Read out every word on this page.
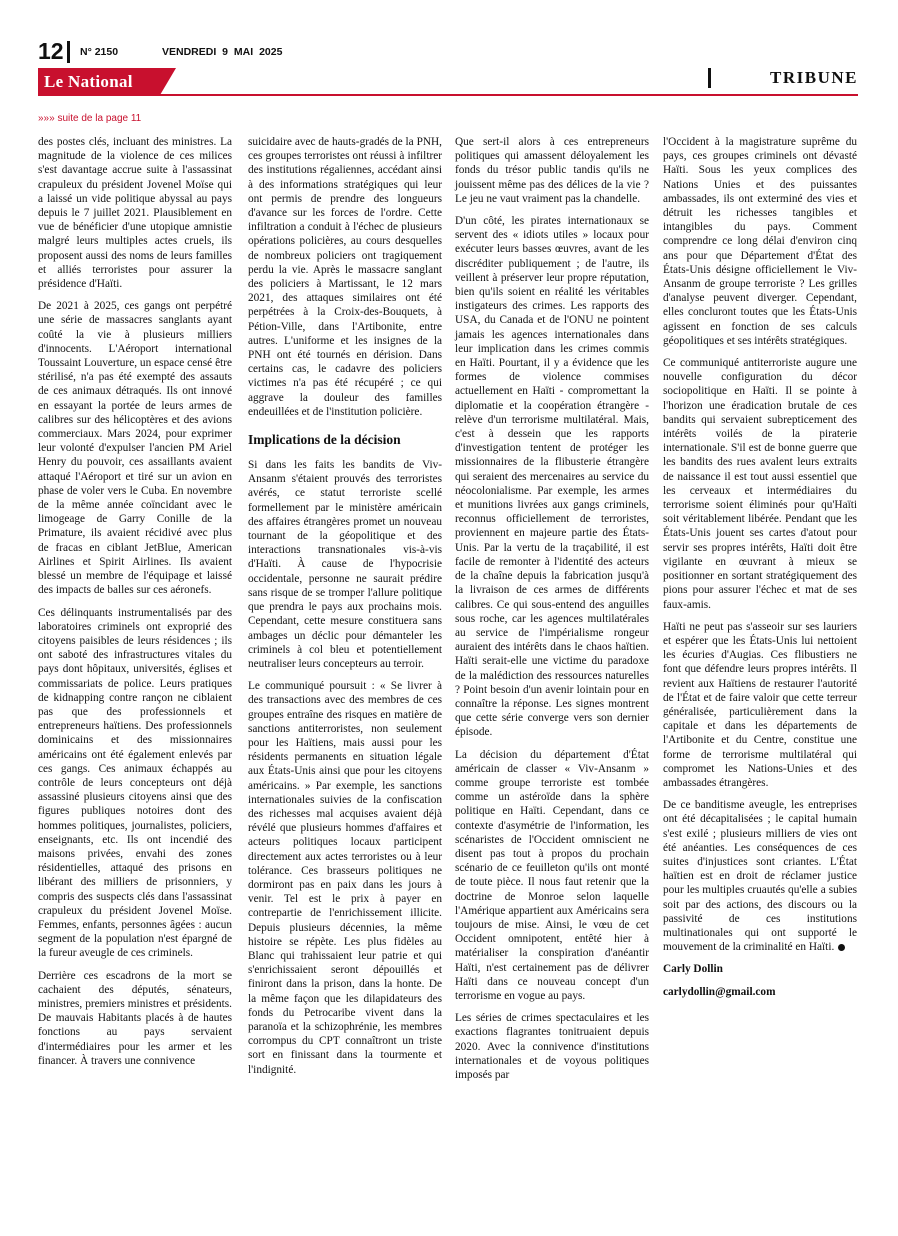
12 N° 2150	VENDREDI 9 MAI 2025
Le National	TRIBUNE
»»» suite de la page 11

des postes clés, incluant des ministres. La magnitude de la violence de ces milices s'est davantage accrue suite à l'assassinat crapuleux du président Jovenel Moïse qui a laissé un vide politique abyssal au pays depuis le 7 juillet 2021. Plausiblement en vue de bénéficier d'une utopique amnistie malgré leurs multiples actes cruels, ils proposent aussi des noms de leurs familles et alliés terroristes pour assurer la présidence d'Haïti.

De 2021 à 2025, ces gangs ont perpétré une série de massacres sanglants ayant coûté la vie à plusieurs milliers d'innocents. L'Aéroport international Toussaint Louverture, un espace censé être stérilisé, n'a pas été exempté des assauts de ces animaux détraqués. Ils ont innové en essayant la portée de leurs armes de calibres sur des hélicoptères et des avions commerciaux. Mars 2024, pour exprimer leur volonté d'expulser l'ancien PM Ariel Henry du pouvoir, ces assaillants avaient attaqué l'Aéroport et tiré sur un avion en phase de voler vers le Cuba. En novembre de la même année coïncidant avec le limogeage de Garry Conille de la Primature, ils avaient récidivé avec plus de fracas en ciblant JetBlue, American Airlines et Spirit Airlines. Ils avaient blessé un membre de l'équipage et laissé des impacts de balles sur ces aéronefs.

Ces délinquants instrumentalisés par des laboratoires criminels ont exproprié des citoyens paisibles de leurs résidences ; ils ont saboté des infrastructures vitales du pays dont hôpitaux, universités, églises et commissariats de police. Leurs pratiques de kidnapping contre rançon ne ciblaient pas que des professionnels et entrepreneurs haïtiens. Des professionnels dominicains et des missionnaires américains ont été également enlevés par ces gangs. Ces animaux échappés au contrôle de leurs concepteurs ont déjà assassiné plusieurs citoyens ainsi que des figures publiques notoires dont des hommes politiques, journalistes, policiers, enseignants, etc. Ils ont incendié des maisons privées, envahi des zones résidentielles, attaqué des prisons en libérant des milliers de prisonniers, y compris des suspects clés dans l'assassinat crapuleux du président Jovenel Moïse. Femmes, enfants, personnes âgées : aucun segment de la population n'est épargné de la fureur aveugle de ces criminels.

Derrière ces escadrons de la mort se cachaient des députés, sénateurs, ministres, premiers ministres et présidents. De mauvais Habitants placés à de hautes fonctions au pays servaient d'intermédiaires pour les armer et les financer. À travers une connivence

suicidaire avec de hauts-gradés de la PNH, ces groupes terroristes ont réussi à infiltrer des institutions régaliennes, accédant ainsi à des informations stratégiques qui leur ont permis de prendre des longueurs d'avance sur les forces de l'ordre. Cette infiltration a conduit à l'échec de plusieurs opérations policières, au cours desquelles de nombreux policiers ont tragiquement perdu la vie. Après le massacre sanglant des policiers à Martissant, le 12 mars 2021, des attaques similaires ont été perpétrées à la Croix-des-Bouquets, à Pétion-Ville, dans l'Artibonite, entre autres. L'uniforme et les insignes de la PNH ont été tournés en dérision. Dans certains cas, le cadavre des policiers victimes n'a pas été récupéré ; ce qui aggrave la douleur des familles endeuillées et de l'institution policière.

Implications de la décision

Si dans les faits les bandits de Viv-Ansanm s'étaient prouvés des terroristes avérés, ce statut terroriste scellé formellement par le ministère américain des affaires étrangères promet un nouveau tournant de la géopolitique et des interactions transnationales vis-à-vis d'Haïti. À cause de l'hypocrisie occidentale, personne ne saurait prédire sans risque de se tromper l'allure politique que prendra le pays aux prochains mois. Cependant, cette mesure constituera sans ambages un déclic pour démanteler les criminels à col bleu et potentiellement neutraliser leurs concepteurs au terroir.

Le communiqué poursuit : « Se livrer à des transactions avec des membres de ces groupes entraîne des risques en matière de sanctions antiterroristes, non seulement pour les Haïtiens, mais aussi pour les résidents permanents en situation légale aux États-Unis ainsi que pour les citoyens américains. » Par exemple, les sanctions internationales suivies de la confiscation des richesses mal acquises avaient déjà révélé que plusieurs hommes d'affaires et acteurs politiques locaux participent directement aux actes terroristes ou à leur tolérance. Ces brasseurs politiques ne dormiront pas en paix dans les jours à venir. Tel est le prix à payer en contrepartie de l'enrichissement illicite. Depuis plusieurs décennies, la même histoire se répète. Les plus fidèles au Blanc qui trahissaient leur patrie et qui s'enrichissaient seront dépouillés et finiront dans la prison, dans la honte. De la même façon que les dilapidateurs des fonds du Petrocaribe vivent dans la paranoïa et la schizophrénie, les membres corrompus du CPT connaîtront un triste sort en finissant dans la tourmente et l'indignité.

Que sert-il alors à ces entrepreneurs politiques qui amassent déloyalement les fonds du trésor public tandis qu'ils ne jouissent même pas des délices de la vie ? Le jeu ne vaut vraiment pas la chandelle.

D'un côté, les pirates internationaux se servent des « idiots utiles » locaux pour exécuter leurs basses œuvres, avant de les discréditer publiquement ; de l'autre, ils veillent à préserver leur propre réputation, bien qu'ils soient en réalité les véritables instigateurs des crimes. Les rapports des USA, du Canada et de l'ONU ne pointent jamais les agences internationales dans leur implication dans les crimes commis en Haïti. Pourtant, il y a évidence que les formes de violence commises actuellement en Haïti - compromettant la diplomatie et la coopération étrangère - relève d'un terrorisme multilatéral. Mais, c'est à dessein que les rapports d'investigation tentent de protéger les missionnaires de la flibusterie étrangère qui seraient des mercenaires au service du néocolonialisme. Par exemple, les armes et munitions livrées aux gangs criminels, reconnus officiellement de terroristes, proviennent en majeure partie des États-Unis. Par la vertu de la traçabilité, il est facile de remonter à l'identité des acteurs de la chaîne depuis la fabrication jusqu'à la livraison de ces armes de différents calibres. Ce qui sous-entend des anguilles sous roche, car les agences multilatérales au service de l'impérialisme rongeur auraient des intérêts dans le chaos haïtien. Haïti serait-elle une victime du paradoxe de la malédiction des ressources naturelles ? Point besoin d'un avenir lointain pour en connaître la réponse. Les signes montrent que cette série converge vers son dernier épisode.

La décision du département d'État américain de classer « Viv-Ansanm » comme groupe terroriste est tombée comme un astéroïde dans la sphère politique en Haïti. Cependant, dans ce contexte d'asymétrie de l'information, les scénaristes de l'Occident omniscient ne disent pas tout à propos du prochain scénario de ce feuilleton qu'ils ont monté de toute pièce. Il nous faut retenir que la doctrine de Monroe selon laquelle l'Amérique appartient aux Américains sera toujours de mise. Ainsi, le vœu de cet Occident omnipotent, entêté hier à matérialiser la conspiration d'anéantir Haïti, n'est certainement pas de délivrer Haïti dans ce nouveau concept d'un terrorisme en vogue au pays.

Les séries de crimes spectaculaires et les exactions flagrantes tonitruaient depuis 2020. Avec la connivence d'institutions internationales et de voyous politiques imposés par

l'Occident à la magistrature suprême du pays, ces groupes criminels ont dévasté Haïti. Sous les yeux complices des Nations Unies et des puissantes ambassades, ils ont exterminé des vies et détruit les richesses tangibles et intangibles du pays. Comment comprendre ce long délai d'environ cinq ans pour que Département d'État des États-Unis désigne officiellement le Viv-Ansanm de groupe terroriste ? Les grilles d'analyse peuvent diverger. Cependant, elles concluront toutes que les États-Unis agissent en fonction de ses calculs géopolitiques et ses intérêts stratégiques.

Ce communiqué antiterroriste augure une nouvelle configuration du décor sociopolitique en Haïti. Il se pointe à l'horizon une éradication brutale de ces bandits qui servaient subrepticement des intérêts voilés de la piraterie internationale. S'il est de bonne guerre que les bandits des rues avalent leurs extraits de naissance il est tout aussi essentiel que les cerveaux et intermédiaires du terrorisme soient éliminés pour qu'Haïti soit véritablement libérée. Pendant que les États-Unis jouent ses cartes d'atout pour servir ses propres intérêts, Haïti doit être vigilante en œuvrant à mieux se positionner en sortant stratégiquement des pions pour assurer l'échec et mat de ses faux-amis.

Haïti ne peut pas s'asseoir sur ses lauriers et espérer que les États-Unis lui nettoient les écuries d'Augias. Ces flibustiers ne font que défendre leurs propres intérêts. Il revient aux Haïtiens de restaurer l'autorité de l'État et de faire valoir que cette terreur généralisée, particulièrement dans la capitale et dans les départements de l'Artibonite et du Centre, constitue une forme de terrorisme multilatéral qui compromet les Nations-Unies et des ambassades étrangères.

De ce banditisme aveugle, les entreprises ont été décapitalisées ; le capital humain s'est exilé ; plusieurs milliers de vies ont été anéanties. Les conséquences de ces suites d'injustices sont criantes. L'État haïtien est en droit de réclamer justice pour les multiples cruautés qu'elle a subies soit par des actions, des discours ou la passivité de ces institutions multinationales qui ont supporté le mouvement de la criminalité en Haïti.

Carly Dollin

carlydollin@gmail.com
